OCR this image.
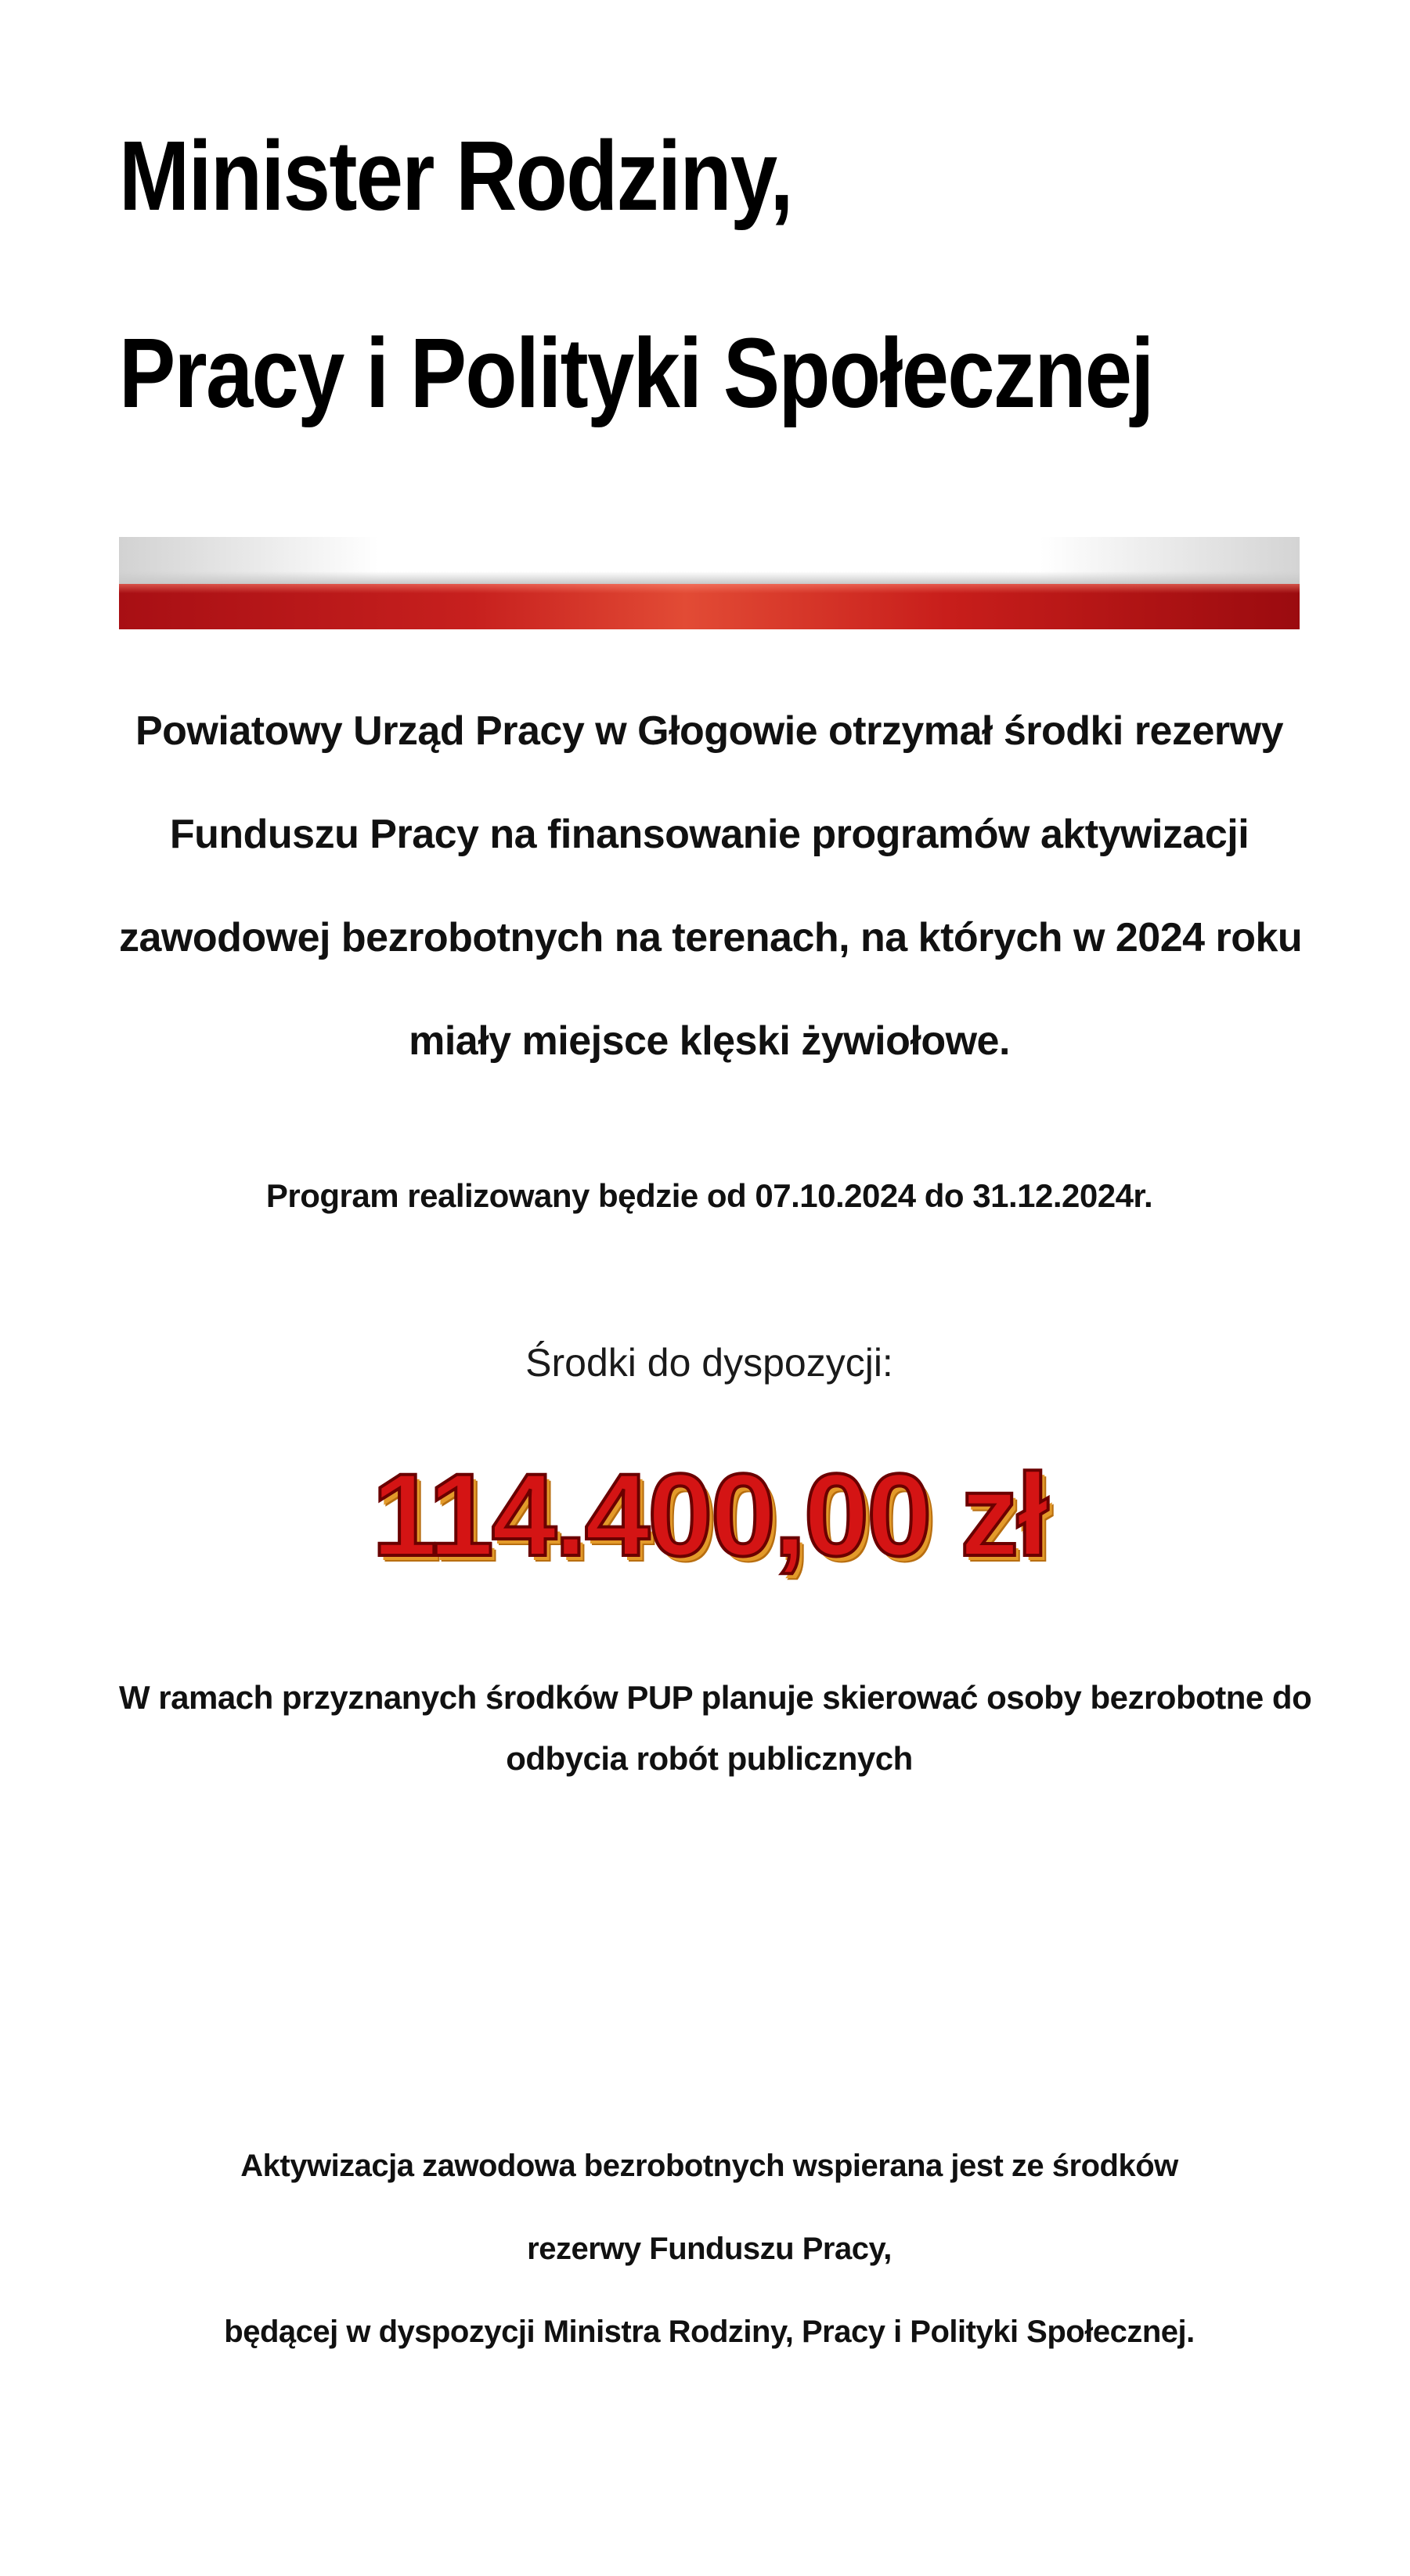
Minister Rodziny,
Pracy i Polityki Społecznej

Powiatowy Urząd Pracy w Głogowie otrzymał środki rezerwy
Funduszu Pracy na finansowanie programów aktywizacji
zawodowej bezrobotnych na terenach, na których w 2024 roku
miały miejsce klęski żywiołowe.

Program realizowany będzie od 07.10.2024 do 31.12.2024r.

Środki do dyspozycji:

114.400,00 zł

W ramach przyznanych środków PUP planuje skierować osoby bezrobotne do
odbycia robót publicznych

Aktywizacja zawodowa bezrobotnych wspierana jest ze środków
rezerwy Funduszu Pracy,
będącej w dyspozycji Ministra Rodziny, Pracy i Polityki Społecznej.
